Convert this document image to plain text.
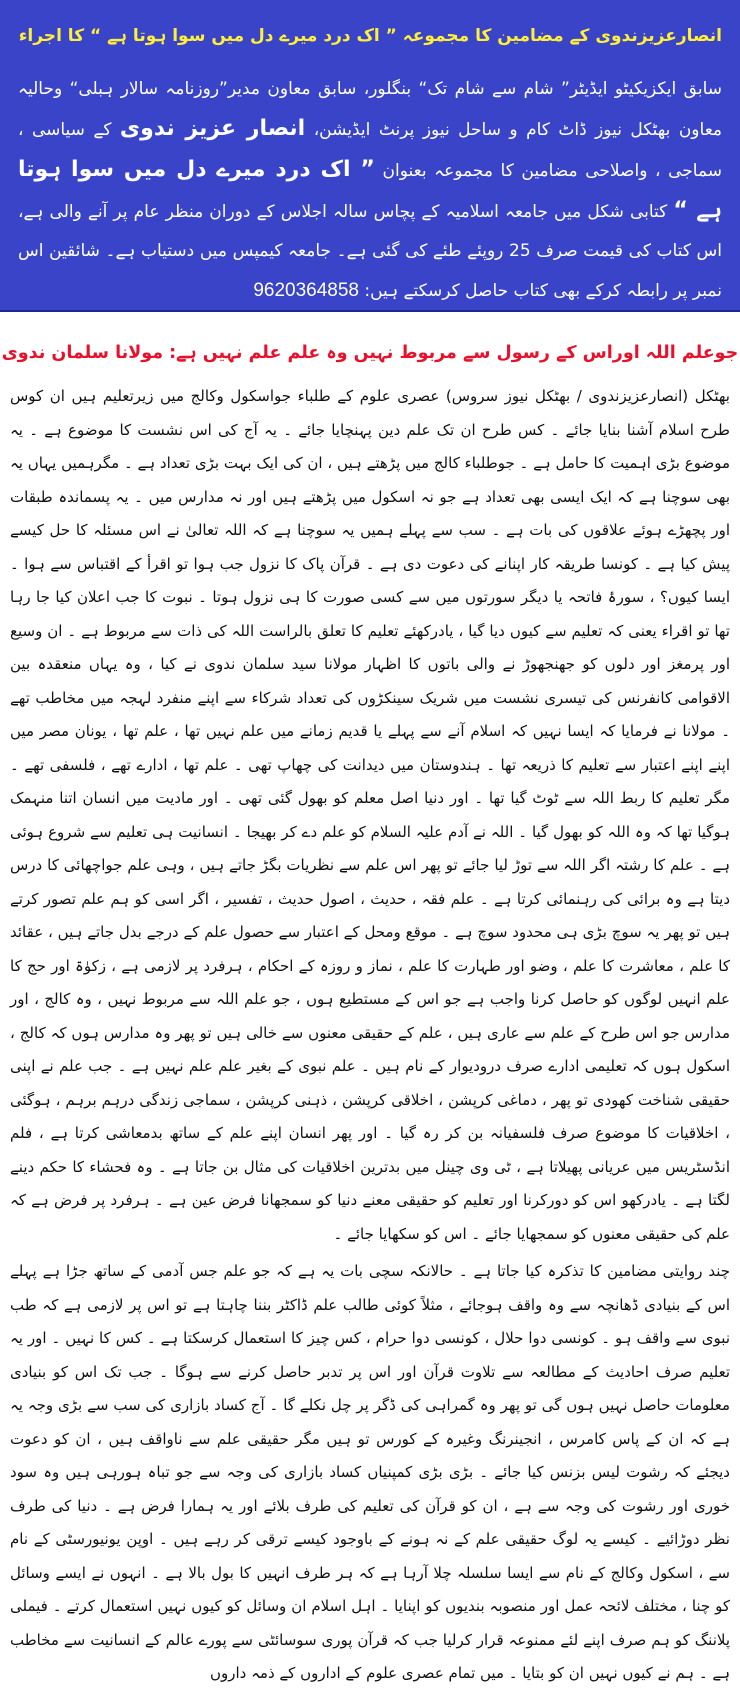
انصارعزیزندوی کے مضامین کا مجموعہ ” اک درد میرے دل میں سوا ہوتا ہے “ کا اجراء
سابق ایکزیکیٹو ایڈیٹر” شام سے شام تک“ بنگلور، سابق معاون مدیر”روزنامہ سالار ہبلی“ وحالیہ معاون بھٹکل نیوز ڈاٹ کام و ساحل نیوز پرنٹ ایڈیشن، انصار عزیز ندوی کے سیاسی ، سماجی ، واصلاحی مضامین کا مجموعہ بعنوان ” اک درد میرے دل میں سوا ہوتا ہے “ کتابی شکل میں جامعہ اسلامیہ کے پچاس سالہ اجلاس کے دوران منظر عام پر آنے والی ہے، اس کتاب کی قیمت صرف 25 روپئے طئے کی گئی ہے۔ جامعہ کیمپس میں دستیاب ہے۔ شائقین اس نمبر پر رابطہ کرکے بھی کتاب حاصل کرسکتے ہیں: 9620364858
جوعلم اللہ اوراس کے رسول سے مربوط نہیں وہ علم علم نہیں ہے: مولانا سلمان ندوی

بھٹکل (انصارعزیزندوی / بھٹکل نیوز سروس) عصری علوم کے طلباء جواسکول وکالج میں زیرتعلیم ہیں ان کوس طرح اسلام آشنا بنایا جائے ۔ کس طرح ان تک علم دین پہنچایا جائے ۔ یہ آج کی اس نشست کا موضوع ہے ۔ یہ موضوع بڑی اہمیت کا حامل ہے ۔ جوطلباء کالج میں پڑھتے ہیں ، ان کی ایک بہت بڑی تعداد ہے ۔ مگرہمیں یہاں یہ بھی سوچنا ہے کہ ایک ایسی بھی تعداد ہے جو نہ اسکول میں پڑھتے ہیں اور نہ مدارس میں ۔ یہ پسماندہ طبقات اور پچھڑے ہوئے علاقوں کی بات ہے ۔ سب سے پہلے ہمیں یہ سوچنا ہے کہ اللہ تعالیٰ نے اس مسئلہ کا حل کیسے پیش کیا ہے ۔ کونسا طریقہ کار اپنانے کی دعوت دی ہے ۔ قرآن پاک کا نزول جب ہوا تو اقرأ کے اقتباس سے ہوا ۔ ایسا کیوں؟ ، سورۂ فاتحہ یا دیگر سورتوں میں سے کسی صورت کا ہی نزول ہوتا ۔ نبوت کا جب اعلان کیا جا رہا تھا تو اقراء یعنی کہ تعلیم سے کیوں دیا گیا ، یادرکھئے تعلیم کا تعلق بالراست اللہ کی ذات سے مربوط ہے ۔ ان وسیع اور پرمغز اور دلوں کو جھنجھوڑ نے والی باتوں کا اظہار مولانا سید سلمان ندوی نے کیا ، وہ یہاں منعقدہ بین الاقوامی کانفرنس کی تیسری نشست میں شریک سینکڑوں کی تعداد شرکاء سے اپنے منفرد لہجہ میں مخاطب تھے ۔ مولانا نے فرمایا کہ ایسا نہیں کہ اسلام آنے سے پہلے یا قدیم زمانے میں علم نہیں تھا ، علم تھا ، یونان مصر میں اپنے اپنے اعتبار سے تعلیم کا ذریعہ تھا ۔ ہندوستان میں دیدانت کی چھاپ تھی ۔ علم تھا ، ادارے تھے ، فلسفی تھے ۔ مگر تعلیم کا ربط اللہ سے ٹوٹ گیا تھا ۔ اور دنیا اصل معلم کو بھول گئی تھی ۔ اور مادیت میں انسان اتنا منہمک ہوگیا تھا کہ وہ اللہ کو بھول گیا ۔ اللہ نے آدم علیہ السلام کو علم دے کر بھیجا ۔ انسانیت ہی تعلیم سے شروع ہوئی ہے ۔ علم کا رشتہ اگر اللہ سے توڑ لیا جائے تو پھر اس علم سے نظریات بگڑ جاتے ہیں ، وہی علم جواچھائی کا درس دیتا ہے وہ برائی کی رہنمائی کرتا ہے ۔ علم فقہ ، حدیث ، اصول حدیث ، تفسیر ، اگر اسی کو ہم علم تصور کرتے ہیں تو پھر یہ سوچ بڑی ہی محدود سوچ ہے ۔ موقع ومحل کے اعتبار سے حصول علم کے درجے بدل جاتے ہیں ، عقائد کا علم ، معاشرت کا علم ، وضو اور طہارت کا علم ، نماز و روزہ کے احکام ، ہرفرد پر لازمی ہے ، زکوٰۃ اور حج کا علم انہیں لوگوں کو حاصل کرنا واجب ہے جو اس کے مستطیع ہوں ، جو علم اللہ سے مربوط نہیں ، وہ کالج ، اور مدارس جو اس طرح کے علم سے عاری ہیں ، علم کے حقیقی معنوں سے خالی ہیں تو پھر وہ مدارس ہوں کہ کالج ، اسکول ہوں کہ تعلیمی ادارے صرف درودیوار کے نام ہیں ۔ علم نبوی کے بغیر علم علم نہیں ہے ۔ جب علم نے اپنی حقیقی شناخت کھودی تو پھر ، دماغی کرپشن ، اخلاقی کرپشن ، ذہنی کرپشن ، سماجی زندگی درہم برہم ، ہوگئی ، اخلاقیات کا موضوع صرف فلسفیانہ بن کر رہ گیا ۔ اور پھر انسان اپنے علم کے ساتھ بدمعاشی کرتا ہے ، فلم انڈسٹریس میں عریانی پھیلاتا ہے ، ٹی وی چینل میں بدترین اخلاقیات کی مثال بن جاتا ہے ۔ وہ فحشاء کا حکم دینے لگتا ہے ۔ یادرکھو اس کو دورکرنا اور تعلیم کو حقیقی معنے دنیا کو سمجھانا فرض عین ہے ۔ ہرفرد پر فرض ہے کہ علم کی حقیقی معنوں کو سمجھایا جائے ۔ اس کو سکھایا جائے ۔

چند روایتی مضامین کا تذکرہ کیا جاتا ہے ۔ حالانکہ سچی بات یہ ہے کہ جو علم جس آدمی کے ساتھ جڑا ہے پہلے اس کے بنیادی ڈھانچہ سے وہ واقف ہوجائے ، مثلاً کوئی طالب علم ڈاکٹر بننا چاہتا ہے تو اس پر لازمی ہے کہ طب نبوی سے واقف ہو ۔ کونسی دوا حلال ، کونسی دوا حرام ، کس چیز کا استعمال کرسکتا ہے ۔ کس کا نہیں ۔ اور یہ تعلیم صرف احادیث کے مطالعہ سے تلاوت قرآن اور اس پر تدبر حاصل کرنے سے ہوگا ۔ جب تک اس کو بنیادی معلومات حاصل نہیں ہوں گی تو پھر وہ گمراہی کی ڈگر پر چل نکلے گا ۔ آج کساد بازاری کی سب سے بڑی وجہ یہ ہے کہ ان کے پاس کامرس ، انجینرنگ وغیرہ کے کورس تو ہیں مگر حقیقی علم سے ناواقف ہیں ، ان کو دعوت دیجئے کہ رشوت لیس بزنس کیا جائے ۔ بڑی بڑی کمپنیاں کساد بازاری کی وجہ سے جو تباہ ہورہی ہیں وہ سود خوری اور رشوت کی وجہ سے ہے ، ان کو قرآن کی تعلیم کی طرف بلائے اور یہ ہمارا فرض ہے ۔ دنیا کی طرف نظر دوڑائیے ۔ کیسے یہ لوگ حقیقی علم کے نہ ہونے کے باوجود کیسے ترقی کر رہے ہیں ۔ اوپن یونیورسٹی کے نام سے ، اسکول وکالج کے نام سے ایسا سلسلہ چلا آرہا ہے کہ ہر طرف انہیں کا بول بالا ہے ۔ انہوں نے ایسے وسائل کو چنا ، مختلف لائحہ عمل اور منصوبہ بندیوں کو اپنایا ۔ اہل اسلام ان وسائل کو کیوں نہیں استعمال کرتے ۔ فیملی پلاننگ کو ہم صرف اپنے لئے ممنوعہ قرار کرلیا جب کہ قرآن پوری سوسائٹی سے پورے عالم کے انسانیت سے مخاطب ہے ۔ ہم نے کیوں نہیں ان کو بتایا ۔ میں تمام عصری علوم کے اداروں کے ذمہ داروں
